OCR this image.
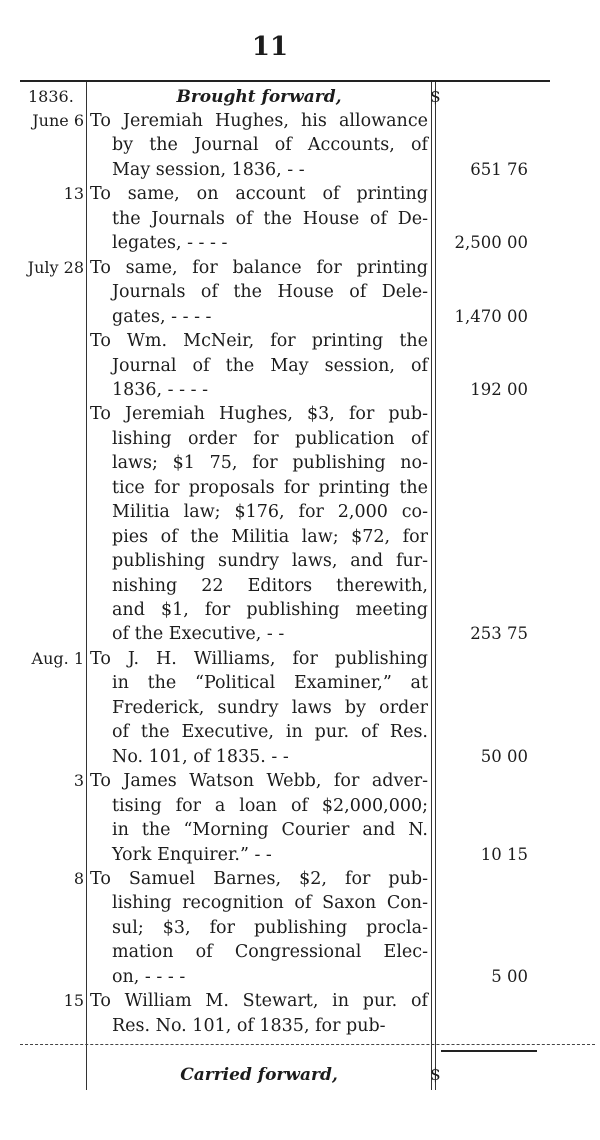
11
1836.	Brought forward,	$
June 6 To Jeremiah Hughes, his allowance
by the Journal of Accounts, of
May session, 1836, - -	651 76
13 To same, on account of printing
the Journals of the House of De-
legates, - - - -	2,500 00
July 28 To same, for balance for printing
Journals of the House of Dele-
gates, - - - -	1,470 00
To Wm. McNeir, for printing the
Journal of the May session, of
1836, - - - -	192 00
To Jeremiah Hughes, $3, for pub-
lishing order for publication of
laws; $1 75, for publishing no-
tice for proposals for printing the
Militia law; $176, for 2,000 co-
pies of the Militia law; $72, for
publishing sundry laws, and fur-
nishing 22 Editors therewith,
and $1, for publishing meeting
of the Executive, - -	253 75
Aug. 1 To J. H. Williams, for publishing
in the “Political Examiner,” at
Frederick, sundry laws by order
of the Executive, in pur. of Res.
No. 101, of 1835. - -	50 00
3 To James Watson Webb, for adver-
tising for a loan of $2,000,000;
in the “Morning Courier and N.
York Enquirer.” - -	10 15
8 To Samuel Barnes, $2, for pub-
lishing recognition of Saxon Con-
sul; $3, for publishing procla-
mation of Congressional Elec-
on, - - - -	5 00
15 To William M. Stewart, in pur. of
Res. No. 101, of 1835, for pub-
Carried forward,	$
